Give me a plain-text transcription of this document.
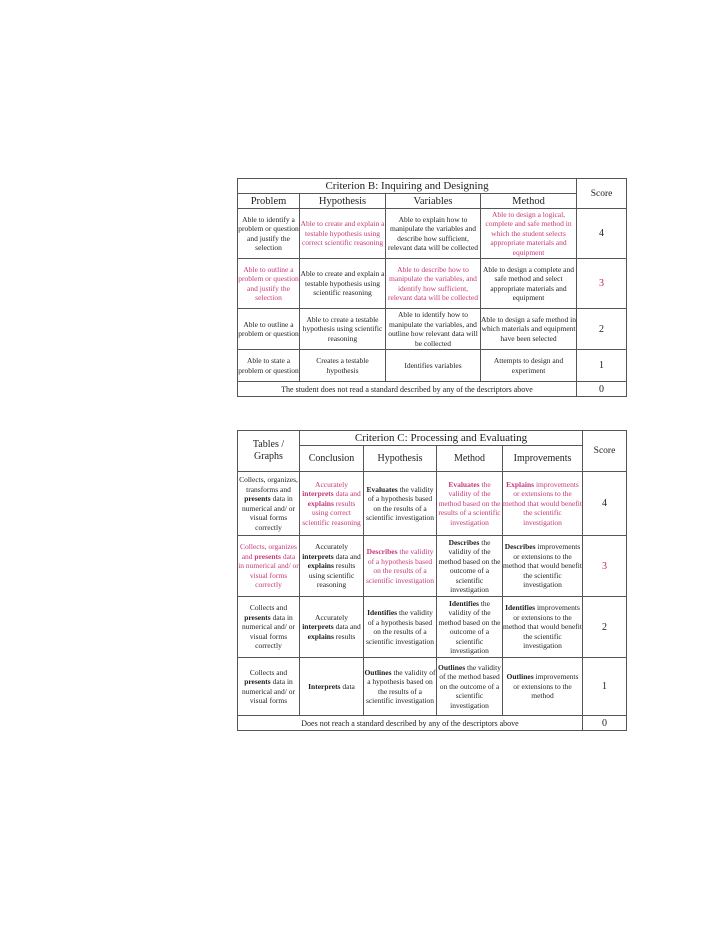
Criterion B: Inquiring and Designing				Score
Problem	Hypothesis	Variables	Method	
Able to identify a problem or question and justify the selection	Able to create and explain a testable hypothesis using correct scientific reasoning	Able to explain how to manipulate the variables and describe how sufficient, relevant data will be collected	Able to design a logical, complete and safe method in which the student selects appropriate materials and equipment	4
Able to outline a problem or question and justify the selection	Able to create and explain a testable hypothesis using scientific reasoning	Able to describe how to manipulate the variables, and identify how sufficient, relevant data will be collected	Able to design a complete and safe method and select appropriate materials and equipment	3
Able to outline a problem or question	Able to create a testable hypothesis using scientific reasoning	Able to identify how to manipulate the variables, and outline how relevant data will be collected	Able to design a safe method in which materials and equipment have been selected	2
Able to state a problem or question	Creates a testable hypothesis	Identifies variables	Attempts to design and experiment	1
The student does not read a standard described by any of the descriptors above				0
Tables / Graphs	Criterion C: Processing and Evaluating				Score
	Conclusion	Hypothesis	Method	Improvements	
Collects, organizes, transforms and presents data in numerical and/ or visual forms correctly	Accurately interprets data and explains results using correct scientific reasoning	Evaluates the validity of a hypothesis based on the results of a scientific investigation	Evaluates the validity of the method based on the results of a scientific investigation	Explains improvements or extensions to the method that would benefit the scientific investigation	4
Collects, organizes and presents data in numerical and/ or visual forms correctly	Accurately interprets data and explains results using scientific reasoning	Describes the validity of a hypothesis based on the results of a scientific investigation	Describes the validity of the method based on the outcome of a scientific investigation	Describes improvements or extensions to the method that would benefit the scientific investigation	3
Collects and presents data in numerical and/ or visual forms correctly	Accurately interprets data and explains results	Identifies the validity of a hypothesis based on the results of a scientific investigation	Identifies the validity of the method based on the outcome of a scientific investigation	Identifies improvements or extensions to the method that would benefit the scientific investigation	2
Collects and presents data in numerical and/ or visual forms	Interprets data	Outlines the validity of a hypothesis based on the results of a scientific investigation	Outlines the validity of the method based on the outcome of a scientific investigation	Outlines improvements or extensions to the method	1
Does not reach a standard described by any of the descriptors above					0
